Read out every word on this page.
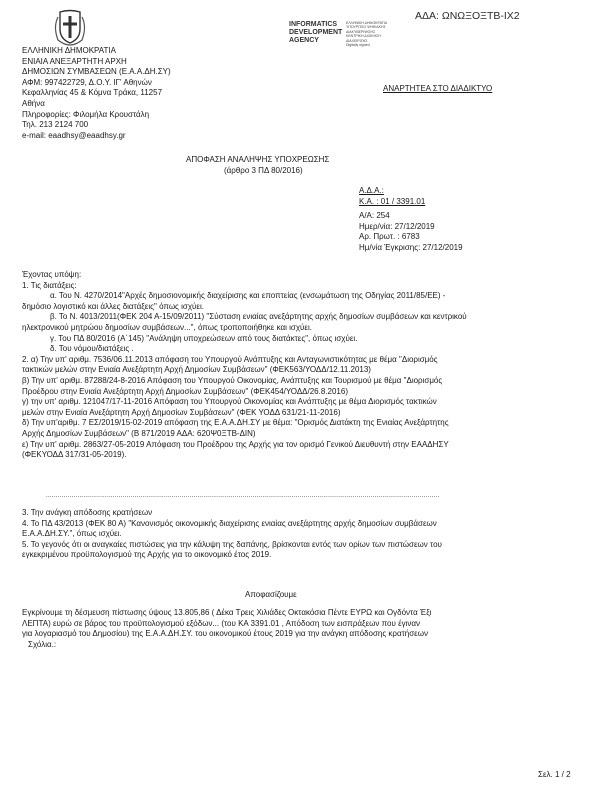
ΑΔΑ: ΩΝΩΞΟΞΤΒ-ΙΧ2
INFORMATICS
DEVELOPMENT
AGENCY
ΕΛΛΗΝΙΚΗ ΔΗΜΟΚΡΑΤΙΑ
ΥΠΟΥΡΓΕΙΟ ΨΗΦΙΑΚΗΣ
ΔΙΑΚΥΒΕΡΝΗΣΗΣ
ΚΕΝΤΡΙΚΗ ΔΙΟΙΚΗΣΗ
ΔΙΑΧΕΙΡΙΣΗΣ
Digitally signed
ΕΛΛΗΝΙΚΗ ΔΗΜΟΚΡΑΤΙΑ
ΕΝΙΑΙΑ ΑΝΕΞΑΡΤΗΤΗ ΑΡΧΗ
ΔΗΜΟΣΙΩΝ ΣΥΜΒΑΣΕΩΝ (Ε.Α.Α.ΔΗ.ΣΥ)
ΑΦΜ: 997422729, Δ.Ο.Υ. ΙΓ' Αθηνών
Κεφαλληνίας 45 & Κόμνα Τράκα, 11257
Αθήνα
Πληροφορίες: Φιλομήλα Κρουστάλη
Τηλ. 213 2124 700
e-mail: eaadhsy@eaadhsy.gr
ΑΝΑΡΤΗΤΕΑ ΣΤΟ ΔΙΑΔΙΚΤΥΟ
ΑΠΟΦΑΣΗ ΑΝΑΛΗΨΗΣ ΥΠΟΧΡΕΩΣΗΣ
(άρθρο 3 ΠΔ 80/2016)
Α.Δ.Α.:
Κ.Α. : 01 / 3391.01
Α/Α: 254
Ημερ/νία: 27/12/2019
Αρ. Πρωτ. : 6783
Ημ/νία Έγκρισης: 27/12/2019
Έχοντας υπόψη:
1. Τις διατάξεις:
α. Του Ν. 4270/2014"Αρχές δημοσιονομικής διαχείρισης και εποπτείας (ενσωμάτωση της Οδηγίας 2011/85/ΕΕ) -
δημόσιο λογιστικό και άλλες διατάξεις" όπως ισχύει.
β. Το Ν. 4013/2011(ΦΕΚ 204 Α-15/09/2011) "Σύσταση ενιαίας ανεξάρτητης αρχής δημοσίων συμβάσεων και κεντρικού
ηλεκτρονικού μητρώου δημοσίων συμβάσεων...", όπως τροποποιήθηκε και ισχύει.
γ. Του ΠΔ 80/2016 (Α΄145) "Ανάληψη υποχρεώσεων από τους διατάκτες", όπως ισχύει.
δ. Του νόμου/διατάξεις .
2. α) Την υπ' αριθμ. 7536/06.11.2013 απόφαση του Υπουργού Ανάπτυξης και Ανταγωνιστικότητας με θέμα "Διορισμός
τακτικών μελών στην Ενιαία Ανεξάρτητη Αρχή Δημοσίων Συμβάσεων" (ΦΕΚ563/ΥΟΔΔ/12.11.2013)
β) Την υπ' αριθμ. 87288/24-8-2016 Απόφαση του Υπουργού Οικονομίας, Ανάπτυξης και Τουρισμού με θέμα "Διορισμός
Προέδρου στην Ενιαία Ανεξάρτητη Αρχή Δημοσίων Συμβάσεων" (ΦΕΚ454/ΥΟΔΔ/26.8.2016)
γ) την υπ' αριθμ. 121047/17-11-2016 Απόφαση του Υπουργού Οικονομίας και Ανάπτυξης με θέμα Διορισμός τακτικών
μελών στην Ενιαία Ανεξάρτητη Αρχή Δημοσίων Συμβάσεων" (ΦΕΚ ΥΟΔΔ 631/21-11-2016)
δ) Την υπ'αριθμ. 7 ΕΣ/2019/15-02-2019 απόφαση της Ε.Α.Α.ΔΗ.ΣΥ με θέμα: "Ορισμός Διατάκτη της Ενιαίας Ανεξάρτητης
Αρχής Δημοσίων Συμβάσεων" (Β 871/2019 ΑΔΑ: 620Ψ0ΞΤΒ-ΔΙΝ)
ε) Την υπ' αριθμ. 2863/27-05-2019 Απόφαση του Προέδρου της Αρχής για τον ορισμό Γενικού Διευθυντή στην ΕΑΑΔΗΣΥ
(ΦΕΚΥΟΔΔ 317/31-05-2019).
........................................................................................................................................................................................................
3. Την ανάγκη απόδοσης κρατήσεων
4. Το ΠΔ 43/2013 (ΦΕΚ 80 Α) "Κανονισμός οικονομικής διαχείρισης ενιαίας ανεξάρτητης αρχής δημοσίων συμβάσεων
Ε.Α.Α.ΔΗ.ΣΥ.", όπως ισχύει.
5. Το γεγονός ότι οι αναγκαίες πιστώσεις για την κάλυψη της δαπάνης, βρίσκονται εντός των ορίων των πιστώσεων του
εγκεκριμένου προϋπολογισμού της Αρχής για το οικονομικό έτος 2019.
Αποφασίζουμε
Εγκρίνουμε τη δέσμευση πίστωσης ύψους 13.805,86 ( Δέκα Τρεις Χιλιάδες Οκτακόσια Πέντε ΕΥΡΩ και Ογδόντα Έξι
ΛΕΠΤΑ) ευρώ σε βάρος του προϋπολογισμού εξόδων... (του ΚΑ 3391.01 , Απόδοση των εισπράξεων που έγιναν
για λογαριασμό του Δημοσίου) της Ε.Α.Α.ΔΗ.ΣΥ. του οικονομικού έτους 2019 για την ανάγκη απόδοσης κρατήσεων
Σχόλια.:
Σελ. 1 / 2
